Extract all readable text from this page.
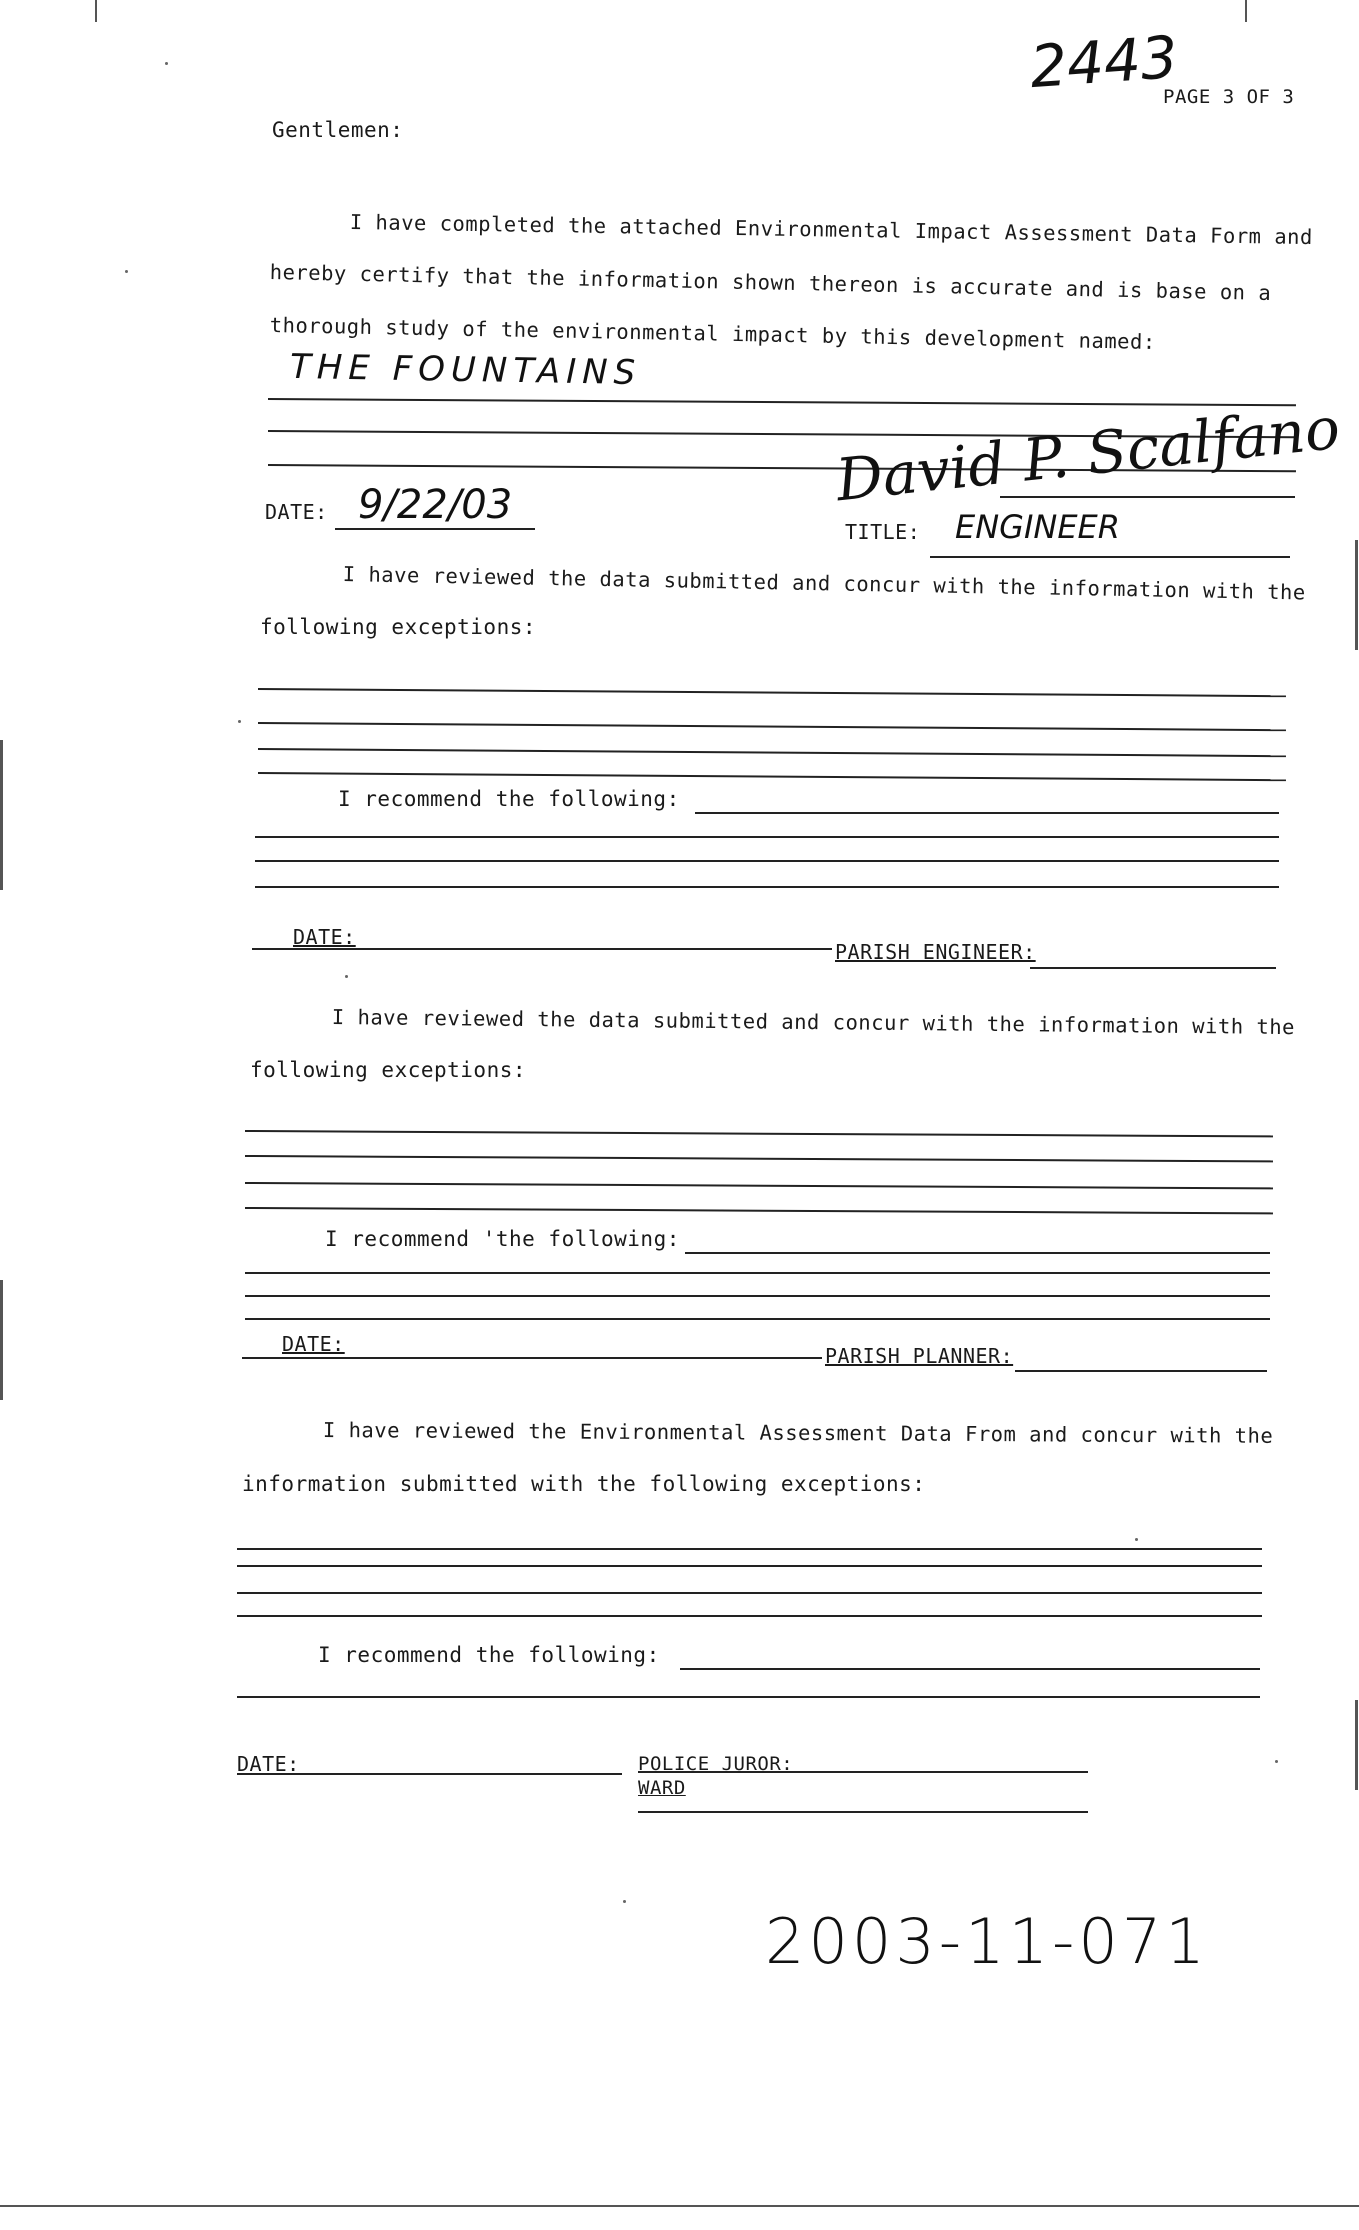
2443
PAGE 3 OF 3
Gentlemen:
I have completed the attached Environmental Impact Assessment Data Form and
hereby certify that the information shown thereon is accurate and is base on a
thorough study of the environmental impact by this development named:
THE FOUNTAINS
David P. Scalfano
DATE: 9/22/03
TITLE: ENGINEER
I have reviewed the data submitted and concur with the information with the
following exceptions:
I recommend the following:
DATE:
PARISH ENGINEER:
I have reviewed the data submitted and concur with the information with the
following exceptions:
I recommend 'the following:
DATE:	PARISH PLANNER:
I have reviewed the Environmental Assessment Data From and concur with the
information submitted with the following exceptions:
I recommend the following:
DATE:	POLICE JUROR:
WARD
2003-11-071
